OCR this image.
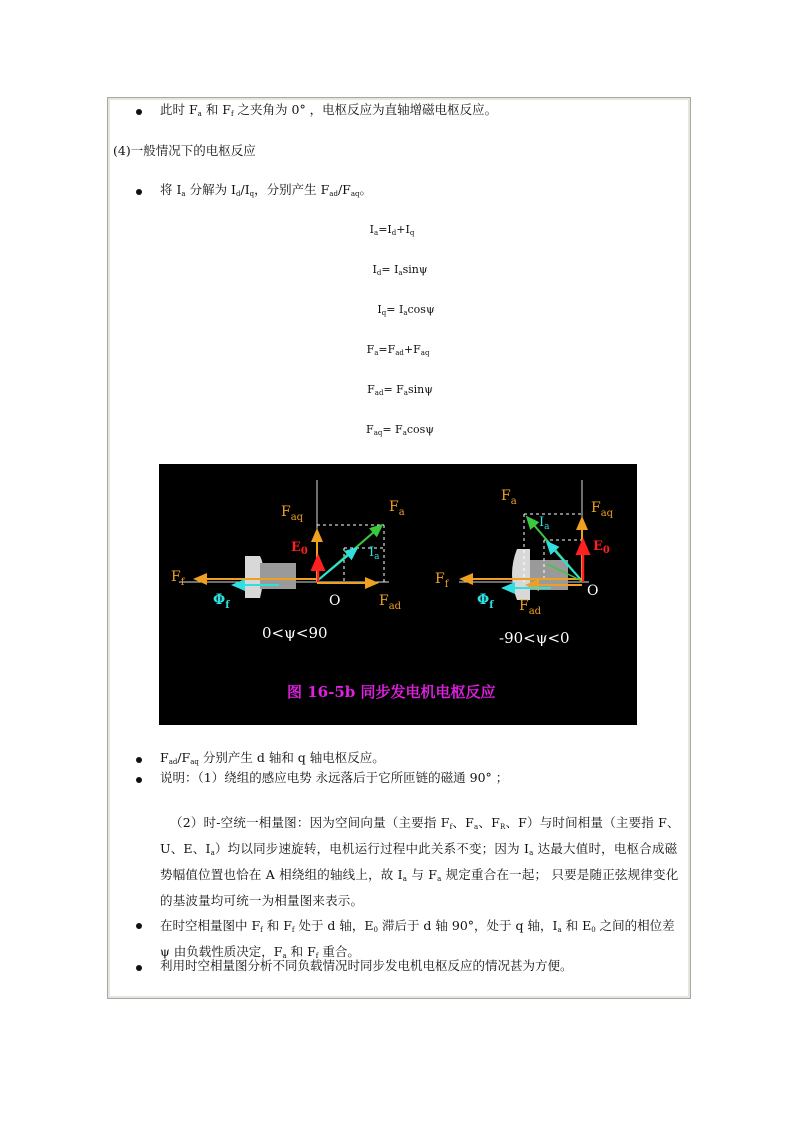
此时 $F_a$ 和 $F_f$ 之夹角为 0° ，电枢反应为直轴增磁电枢反应。
(4)一般情况下的电枢反应
将 $I_a$ 分解为 $I_d/I_q$，分别产生 $F_{ad}/F_{aq}$。
$I_a=I_d+I_q$
$I_d= I_a\sin\psi$
$I_q= I_a\cos\psi$
$F_a=F_{ad}+F_{aq}$
$F_{ad}= F_a\sin\psi$
$F_{aq}= F_a\cos\psi$
$F_{aq}$
$F_a$
$E_0$	$I_a$
$F_f$
$\Phi_f$	O	$F_{ad}$
0<ψ<90
$F_a$	$F_{aq}$
$I_a$
$E_0$
$F_f$
$\Phi_f$ $F_{ad}$
O
-90<ψ<0
图 16-5b 同步发电机电枢反应
$F_{ad}/F_{aq}$ 分别产生 d 轴和 q 轴电枢反应。
说明：（1）绕组的感应电势 永远落后于它所匝链的磁通 90° ；
（2）时-空统一相量图：因为空间向量（主要指 $F_f$、$F_a$、$F_R$、F）与时间相量（主要指 F、U、E、$I_a$）均以同步速旋转，电机运行过程中此关系不变；因为 $I_a$ 达最大值时，电枢合成磁势幅值位置也恰在 A 相绕组的轴线上，故 $I_a$ 与 $F_a$ 规定重合在一起； 只要是随正弦规律变化的基波量均可统一为相量图来表示。
在时空相量图中 $F_f$ 和 $F_f$ 处于 d 轴，$E_0$ 滞后于 d 轴 90°，处于 q 轴，$I_a$ 和 $E_0$ 之间的相位差 ψ 由负载性质决定，$F_a$ 和 $F_f$ 重合。
利用时空相量图分析不同负载情况时同步发电机电枢反应的情况甚为方便。
